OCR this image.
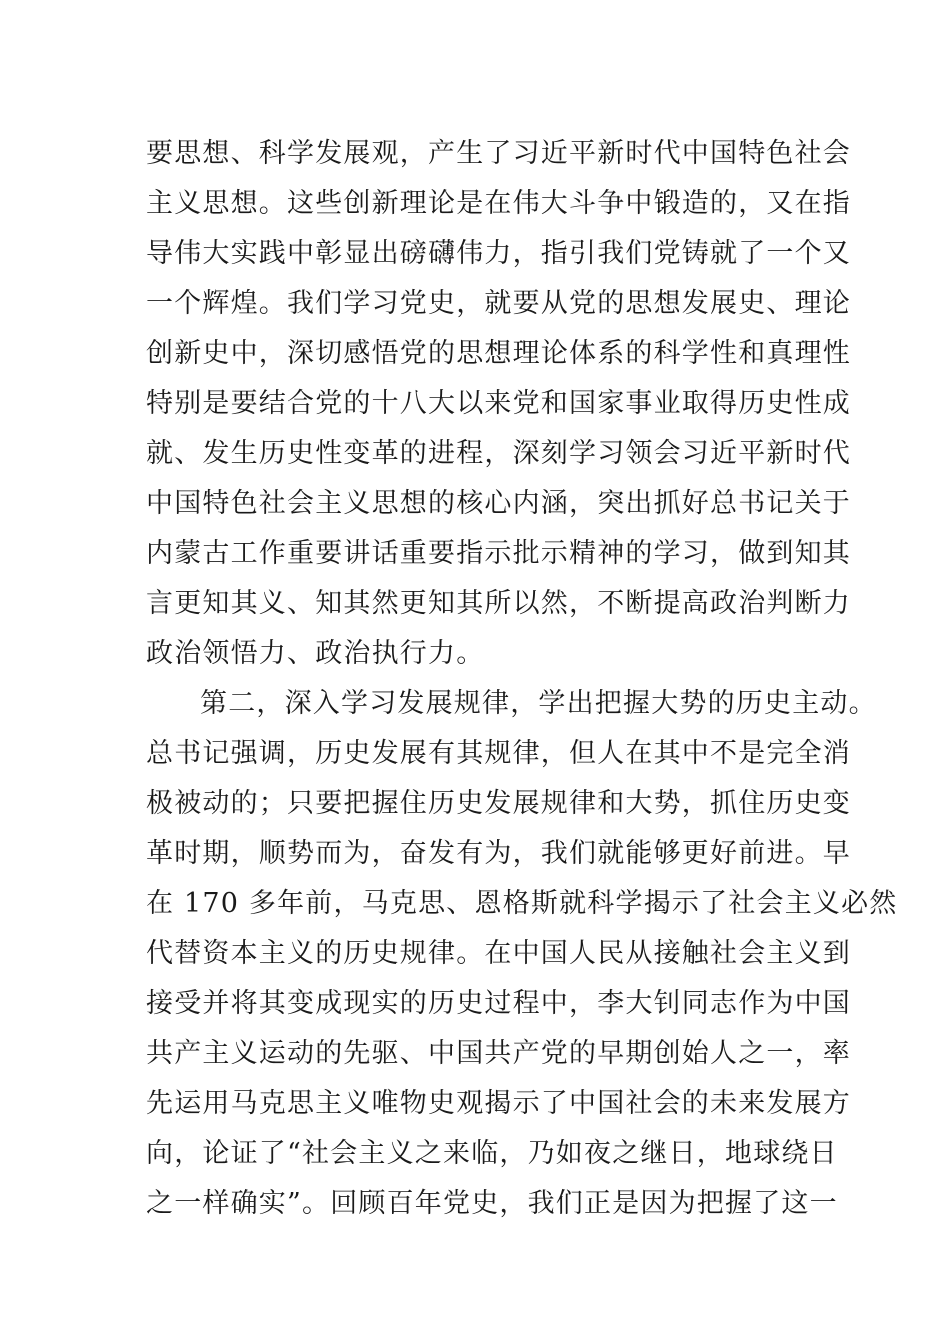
要思想、科学发展观，产生了习近平新时代中国特色社会
主义思想。这些创新理论是在伟大斗争中锻造的，又在指
导伟大实践中彰显出磅礴伟力，指引我们党铸就了一个又
一个辉煌。我们学习党史，就要从党的思想发展史、理论
创新史中，深切感悟党的思想理论体系的科学性和真理性
特别是要结合党的十八大以来党和国家事业取得历史性成
就、发生历史性变革的进程，深刻学习领会习近平新时代
中国特色社会主义思想的核心内涵，突出抓好总书记关于
内蒙古工作重要讲话重要指示批示精神的学习，做到知其
言更知其义、知其然更知其所以然，不断提高政治判断力
政治领悟力、政治执行力。
第二，深入学习发展规律，学出把握大势的历史主动。
总书记强调，历史发展有其规律，但人在其中不是完全消
极被动的；只要把握住历史发展规律和大势，抓住历史变
革时期，顺势而为，奋发有为，我们就能够更好前进。早
在 170 多年前，马克思、恩格斯就科学揭示了社会主义必然
代替资本主义的历史规律。在中国人民从接触社会主义到
接受并将其变成现实的历史过程中，李大钊同志作为中国
共产主义运动的先驱、中国共产党的早期创始人之一，率
先运用马克思主义唯物史观揭示了中国社会的未来发展方
向，论证了“社会主义之来临，乃如夜之继日，地球绕日
之一样确实”。回顾百年党史，我们正是因为把握了这一
